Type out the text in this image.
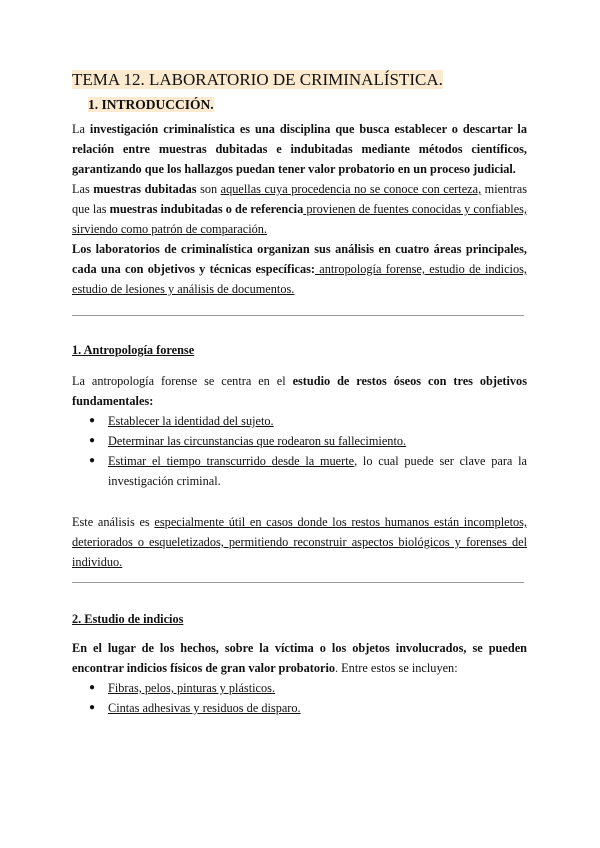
TEMA 12. LABORATORIO DE CRIMINALÍSTICA.
1. INTRODUCCIÓN.

La investigación criminalística es una disciplina que busca establecer o descartar la relación entre muestras dubitadas e indubitadas mediante métodos científicos, garantizando que los hallazgos puedan tener valor probatorio en un proceso judicial.

Las muestras dubitadas son aquellas cuya procedencia no se conoce con certeza, mientras que las muestras indubitadas o de referencia provienen de fuentes conocidas y confiables, sirviendo como patrón de comparación.

Los laboratorios de criminalística organizan sus análisis en cuatro áreas principales, cada una con objetivos y técnicas específicas: antropología forense, estudio de indicios, estudio de lesiones y análisis de documentos.

1. Antropología forense

La antropología forense se centra en el estudio de restos óseos con tres objetivos fundamentales:

● Establecer la identidad del sujeto.
● Determinar las circunstancias que rodearon su fallecimiento.
● Estimar el tiempo transcurrido desde la muerte, lo cual puede ser clave para la investigación criminal.

Este análisis es especialmente útil en casos donde los restos humanos están incompletos, deteriorados o esqueletizados, permitiendo reconstruir aspectos biológicos y forenses del individuo.

2. Estudio de indicios

En el lugar de los hechos, sobre la víctima o los objetos involucrados, se pueden encontrar indicios físicos de gran valor probatorio. Entre estos se incluyen:

● Fibras, pelos, pinturas y plásticos.
● Cintas adhesivas y residuos de disparo.
